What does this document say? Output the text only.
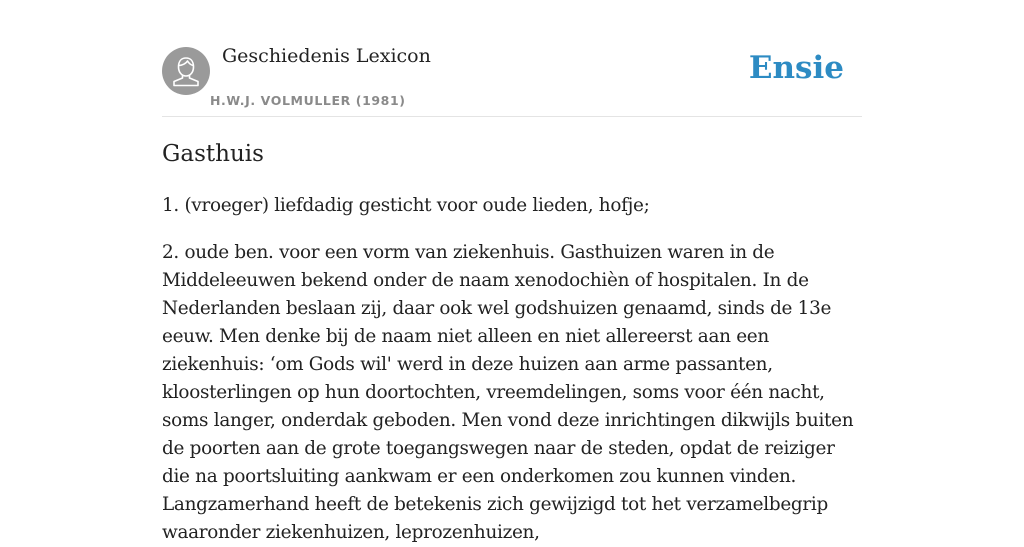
Geschiedenis Lexicon
H.W.J. VOLMULLER (1981)
Ensie
Gasthuis

1. (vroeger) liefdadig gesticht voor oude lieden, hofje;

2. oude ben. voor een vorm van ziekenhuis. Gasthuizen waren in de Middeleeuwen bekend onder de naam xenodochièn of hospitalen. In de Nederlanden beslaan zij, daar ook wel godshuizen genaamd, sinds de 13e eeuw. Men denke bij de naam niet alleen en niet allereerst aan een ziekenhuis: ‘om Gods wil' werd in deze huizen aan arme passanten, kloosterlingen op hun doortochten, vreemdelingen, soms voor één nacht, soms langer, onderdak geboden. Men vond deze inrichtingen dikwijls buiten de poorten aan de grote toegangswegen naar de steden, opdat de reiziger die na poortsluiting aankwam er een onderkomen zou kunnen vinden. Langzamerhand heeft de betekenis zich gewijzigd tot het verzamelbegrip waaronder ziekenhuizen, leprozenhuizen,
